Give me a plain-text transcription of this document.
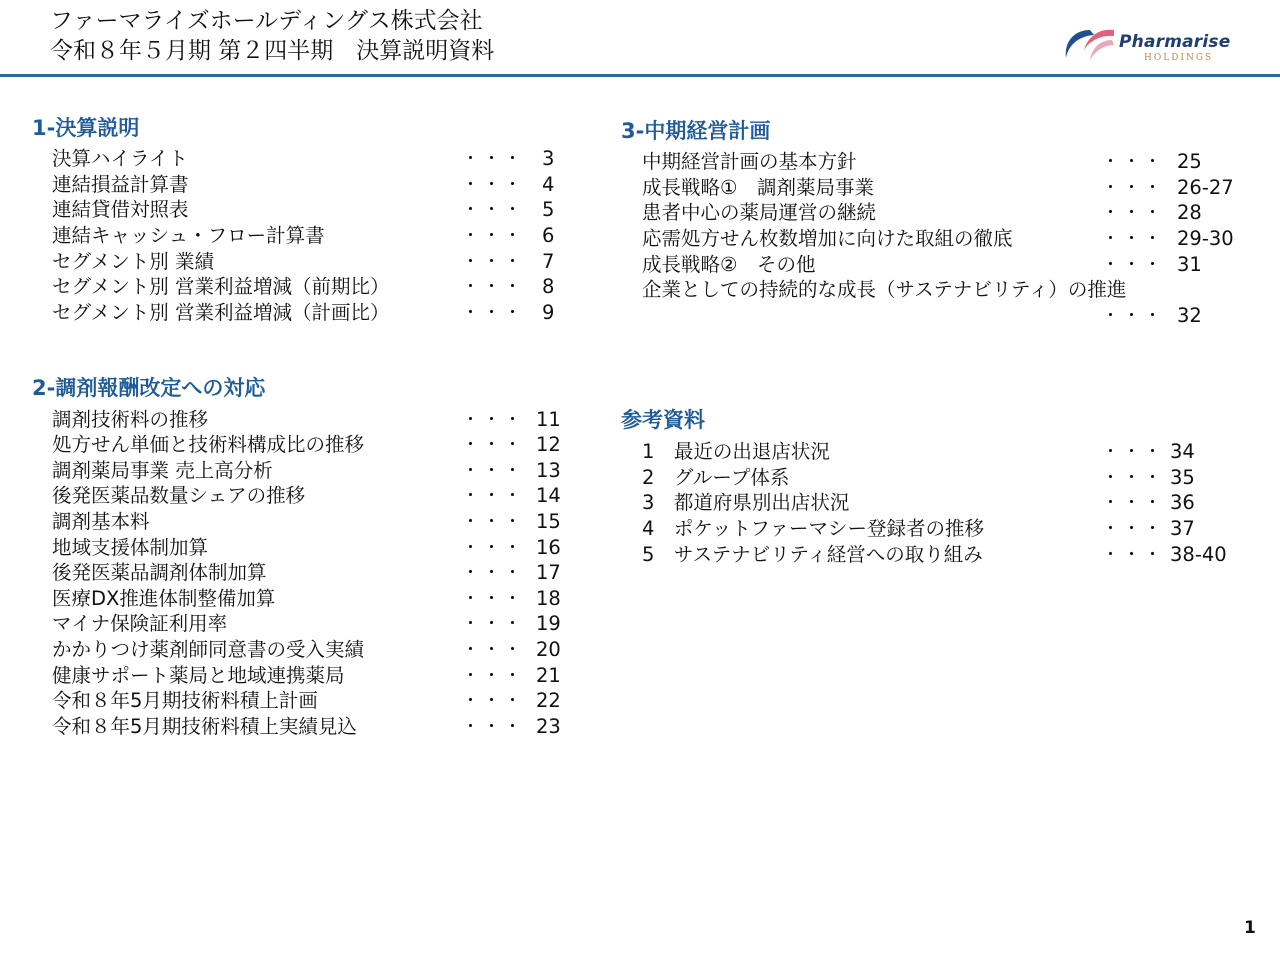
ファーマライズホールディングス株式会社
令和８年５月期 第２四半期　決算説明資料	Pharmarise
HOLDINGS
1-決算説明
決算ハイライト	・・・ 3
連結損益計算書	・・・ 4
連結貸借対照表	・・・ 5
連結キャッシュ・フロー計算書	・・・ 6
セグメント別 業績	・・・ 7
セグメント別 営業利益増減（前期比）	・・・ 8
セグメント別 営業利益増減（計画比）	・・・ 9
2-調剤報酬改定への対応
調剤技術料の推移	・・・ 11
処方せん単価と技術料構成比の推移	・・・ 12
調剤薬局事業 売上高分析	・・・ 13
後発医薬品数量シェアの推移	・・・ 14
調剤基本料	・・・ 15
地域支援体制加算	・・・ 16
後発医薬品調剤体制加算	・・・ 17
医療DX推進体制整備加算	・・・ 18
マイナ保険証利用率	・・・ 19
かかりつけ薬剤師同意書の受入実績	・・・ 20
健康サポート薬局と地域連携薬局	・・・ 21
令和８年5月期技術料積上計画	・・・ 22
令和８年5月期技術料積上実績見込	・・・ 23
3-中期経営計画
中期経営計画の基本方針	・・・ 25
成長戦略①　調剤薬局事業	・・・ 26-27
患者中心の薬局運営の継続	・・・ 28
応需処方せん枚数増加に向けた取組の徹底	・・・ 29-30
成長戦略②　その他	・・・ 31
企業としての持続的な成長（サステナビリティ）の推進
・・・ 32
参考資料
1　最近の出退店状況	・・・ 34
2　グループ体系	・・・ 35
3　都道府県別出店状況	・・・ 36
4　ポケットファーマシー登録者の推移	・・・ 37
5　サステナビリティ経営への取り組み	・・・ 38-40
1
